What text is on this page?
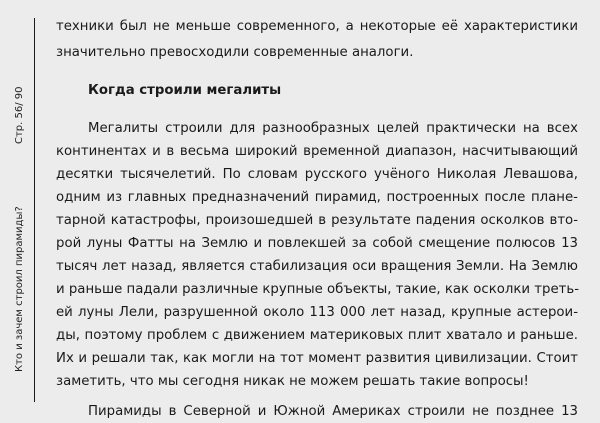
Стр. 56/ 90
Кто и зачем строил пирамиды?
техники был не меньше современного, а некоторые её характеристики
значительно превосходили современные аналоги.
Когда строили мегалиты
Мегалиты строили для разнообразных целей практически на всех
континентах и в весьма широкий временной диапазон, насчитывающий
десятки тысячелетий. По словам русского учёного Николая Левашова,
одним из главных предназначений пирамид, построенных после плане-
тарной катастрофы, произошедшей в результате падения осколков вто-
рой луны Фатты на Землю и повлекшей за собой смещение полюсов 13
тысяч лет назад, является стабилизация оси вращения Земли. На Землю
и раньше падали различные крупные объекты, такие, как осколки треть-
ей луны Лели, разрушенной около 113 000 лет назад, крупные астерои-
ды, поэтому проблем с движением материковых плит хватало и раньше.
Их и решали так, как могли на тот момент развития цивилизации. Стоит
заметить, что мы сегодня никак не можем решать такие вопросы!
Пирамиды в Северной и Южной Америках строили не позднее 13
